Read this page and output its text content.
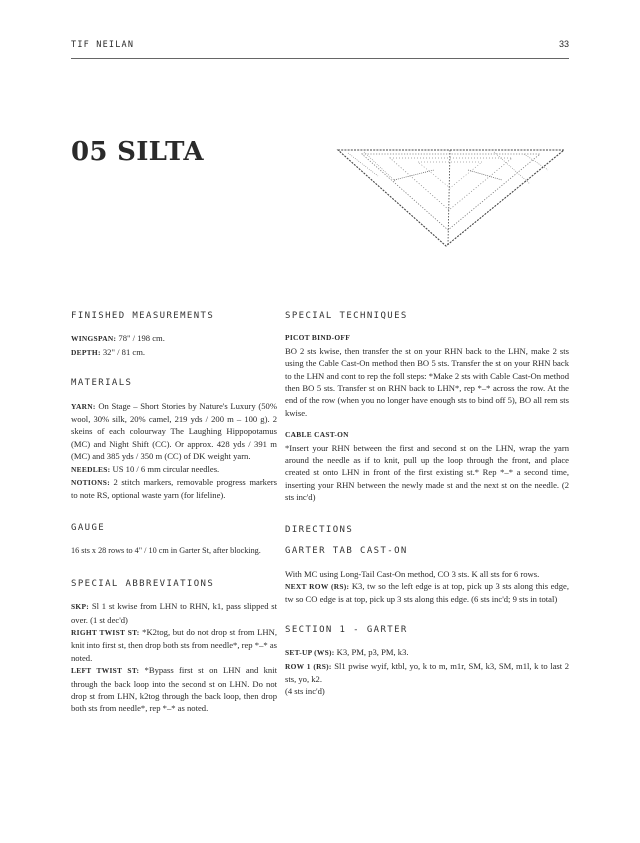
TIF NEILAN	33
05 SILTA
FINISHED MEASUREMENTS

WINGSPAN: 78" / 198 cm.

DEPTH: 32" / 81 cm.

MATERIALS

YARN: On Stage – Short Stories by Nature's Luxury (50% wool, 30% silk, 20% camel, 219 yds / 200 m – 100 g). 2 skeins of each colourway The Laughing Hippopotamus (MC) and Night Shift (CC). Or approx. 428 yds / 391 m (MC) and 385 yds / 350 m (CC) of DK weight yarn.

NEEDLES: US 10 / 6 mm circular needles.

NOTIONS: 2 stitch markers, removable progress markers to note RS, optional waste yarn (for lifeline).

GAUGE

16 sts x 28 rows to 4" / 10 cm in Garter St, after blocking.

SPECIAL ABBREVIATIONS

SKP: Sl 1 st kwise from LHN to RHN, k1, pass slipped st over. (1 st dec'd)

RIGHT TWIST ST: *K2tog, but do not drop st from LHN, knit into first st, then drop both sts from needle*, rep *–* as noted.

LEFT TWIST ST: *Bypass first st on LHN and knit through the back loop into the second st on LHN. Do not drop st from LHN, k2tog through the back loop, then drop both sts from needle*, rep *–* as noted.

SPECIAL TECHNIQUES

PICOT BIND-OFF

BO 2 sts kwise, then transfer the st on your RHN back to the LHN, make 2 sts using the Cable Cast-On method then BO 5 sts. Transfer the st on your RHN back to the LHN and cont to rep the foll steps: *Make 2 sts with Cable Cast-On method then BO 5 sts. Transfer st on RHN back to LHN*, rep *–* across the row. At the end of the row (when you no longer have enough sts to bind off 5), BO all rem sts kwise.

CABLE CAST-ON

*Insert your RHN between the first and second st on the LHN, wrap the yarn around the needle as if to knit, pull up the loop through the front, and place created st onto LHN in front of the first existing st.* Rep *–* a second time, inserting your RHN between the newly made st and the next st on the needle. (2 sts inc'd)

DIRECTIONS
GARTER TAB CAST-ON

With MC using Long-Tail Cast-On method, CO 3 sts. K all sts for 6 rows.

NEXT ROW (RS): K3, tw so the left edge is at top, pick up 3 sts along this edge, tw so CO edge is at top, pick up 3 sts along this edge. (6 sts inc'd; 9 sts in total)

SECTION 1 - GARTER

SET-UP (WS): K3, PM, p3, PM, k3.

ROW 1 (RS): Sl1 pwise wyif, ktbl, yo, k to m, m1r, SM, k3, SM, m1l, k to last 2 sts, yo, k2.

(4 sts inc'd)
